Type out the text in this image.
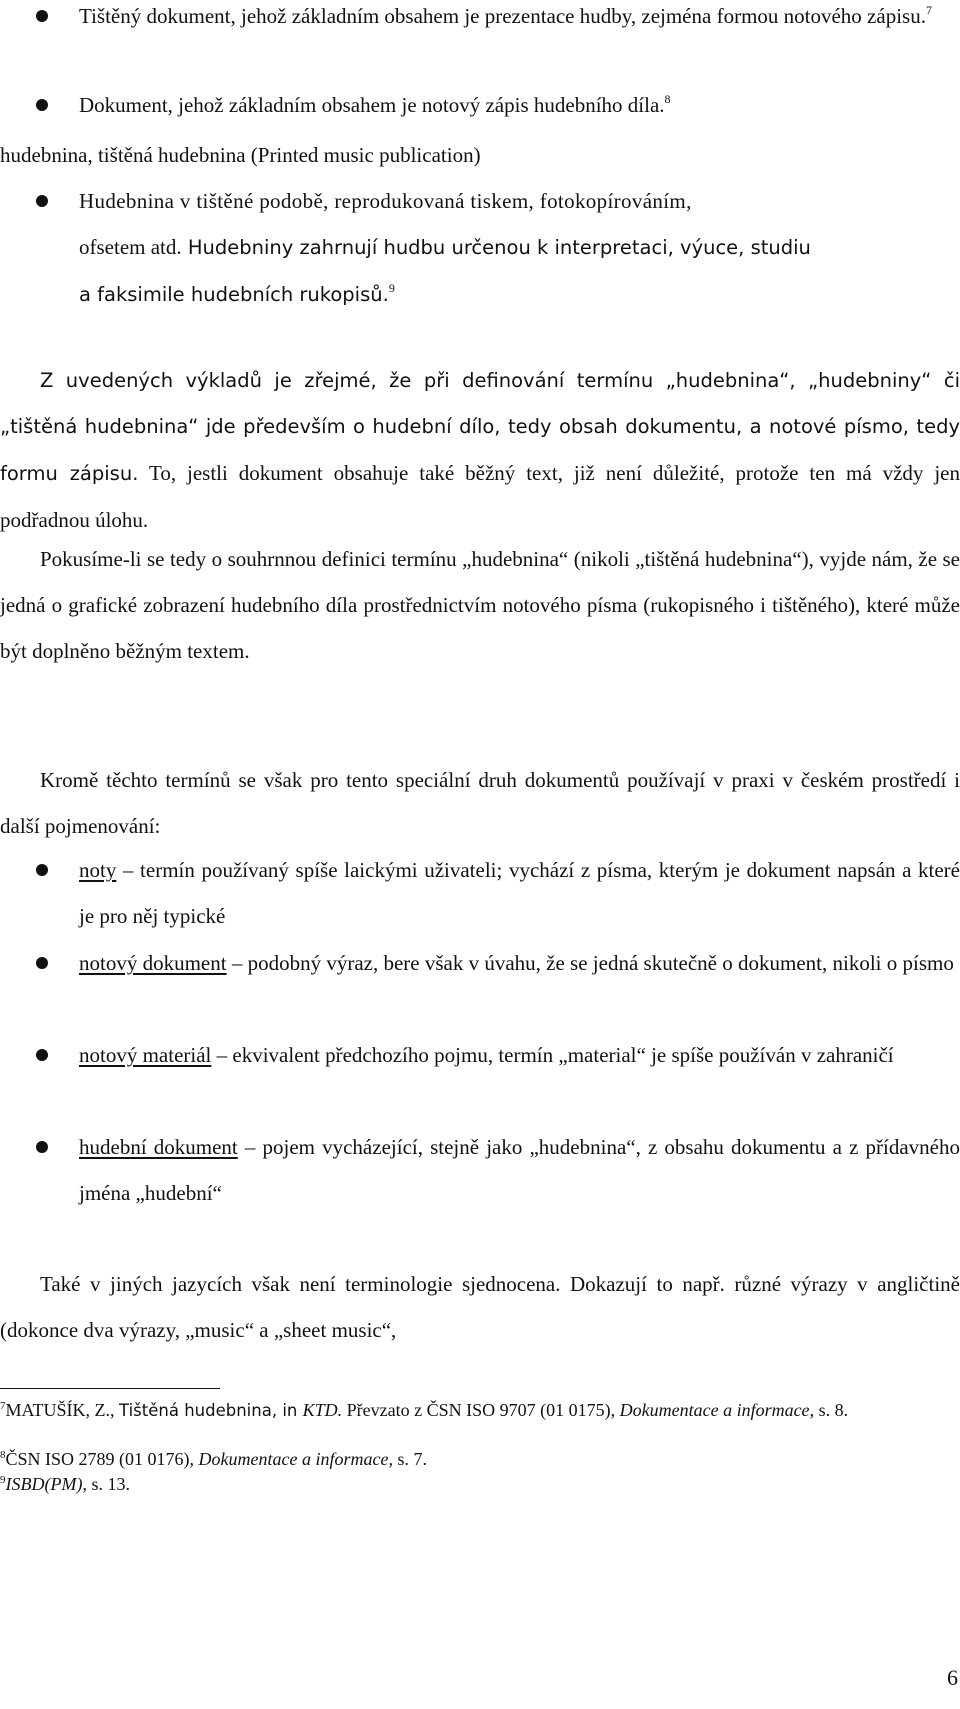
Tištěný dokument, jehož základním obsahem je prezentace hudby, zejména formou notového zápisu.$^7$
Dokument, jehož základním obsahem je notový zápis hudebního díla.$^8$
hudebnina, tištěná hudebnina (Printed music publication)
Hudebnina v tištěné podobě, reprodukovaná tiskem, fotokopírováním,
ofsetem atd. Hudebniny zahrnují hudbu určenou k interpretaci, výuce, studiu
a faksimile hudebních rukopisů.$^9$
Z uvedených výkladů je zřejmé, že při definování termínu „hudebnina“, „hudebniny“ či „tištěná hudebnina“ jde především o hudební dílo, tedy obsah dokumentu, a notové písmo, tedy formu zápisu. To, jestli dokument obsahuje také běžný text, již není důležité, protože ten má vždy jen podřadnou úlohu.
Pokusíme-li se tedy o souhrnnou definici termínu „hudebnina“ (nikoli „tištěná hudebnina“), vyjde nám, že se jedná o grafické zobrazení hudebního díla prostřednictvím notového písma (rukopisného i tištěného), které může být doplněno běžným textem.
Kromě těchto termínů se však pro tento speciální druh dokumentů používají v praxi v českém prostředí i další pojmenování:
noty – termín používaný spíše laickými uživateli; vychází z písma, kterým je dokument napsán a které je pro něj typické
notový dokument – podobný výraz, bere však v úvahu, že se jedná skutečně o dokument, nikoli o písmo
notový materiál – ekvivalent předchozího pojmu, termín „material“ je spíše používán v zahraničí
hudební dokument – pojem vycházející, stejně jako „hudebnina“, z obsahu dokumentu a z přídavného jména „hudební“
Také v jiných jazycích však není terminologie sjednocena. Dokazují to např. různé výrazy v angličtině (dokonce dva výrazy, „music“ a „sheet music“,
$^7$MATUŠÍK, Z., Tištěná hudebnina, in KTD. Převzato z ČSN ISO 9707 (01 0175), Dokumentace a informace, s. 8.
$^8$ČSN ISO 2789 (01 0176), Dokumentace a informace, s. 7.
$^9$ISBD(PM), s. 13.
6
